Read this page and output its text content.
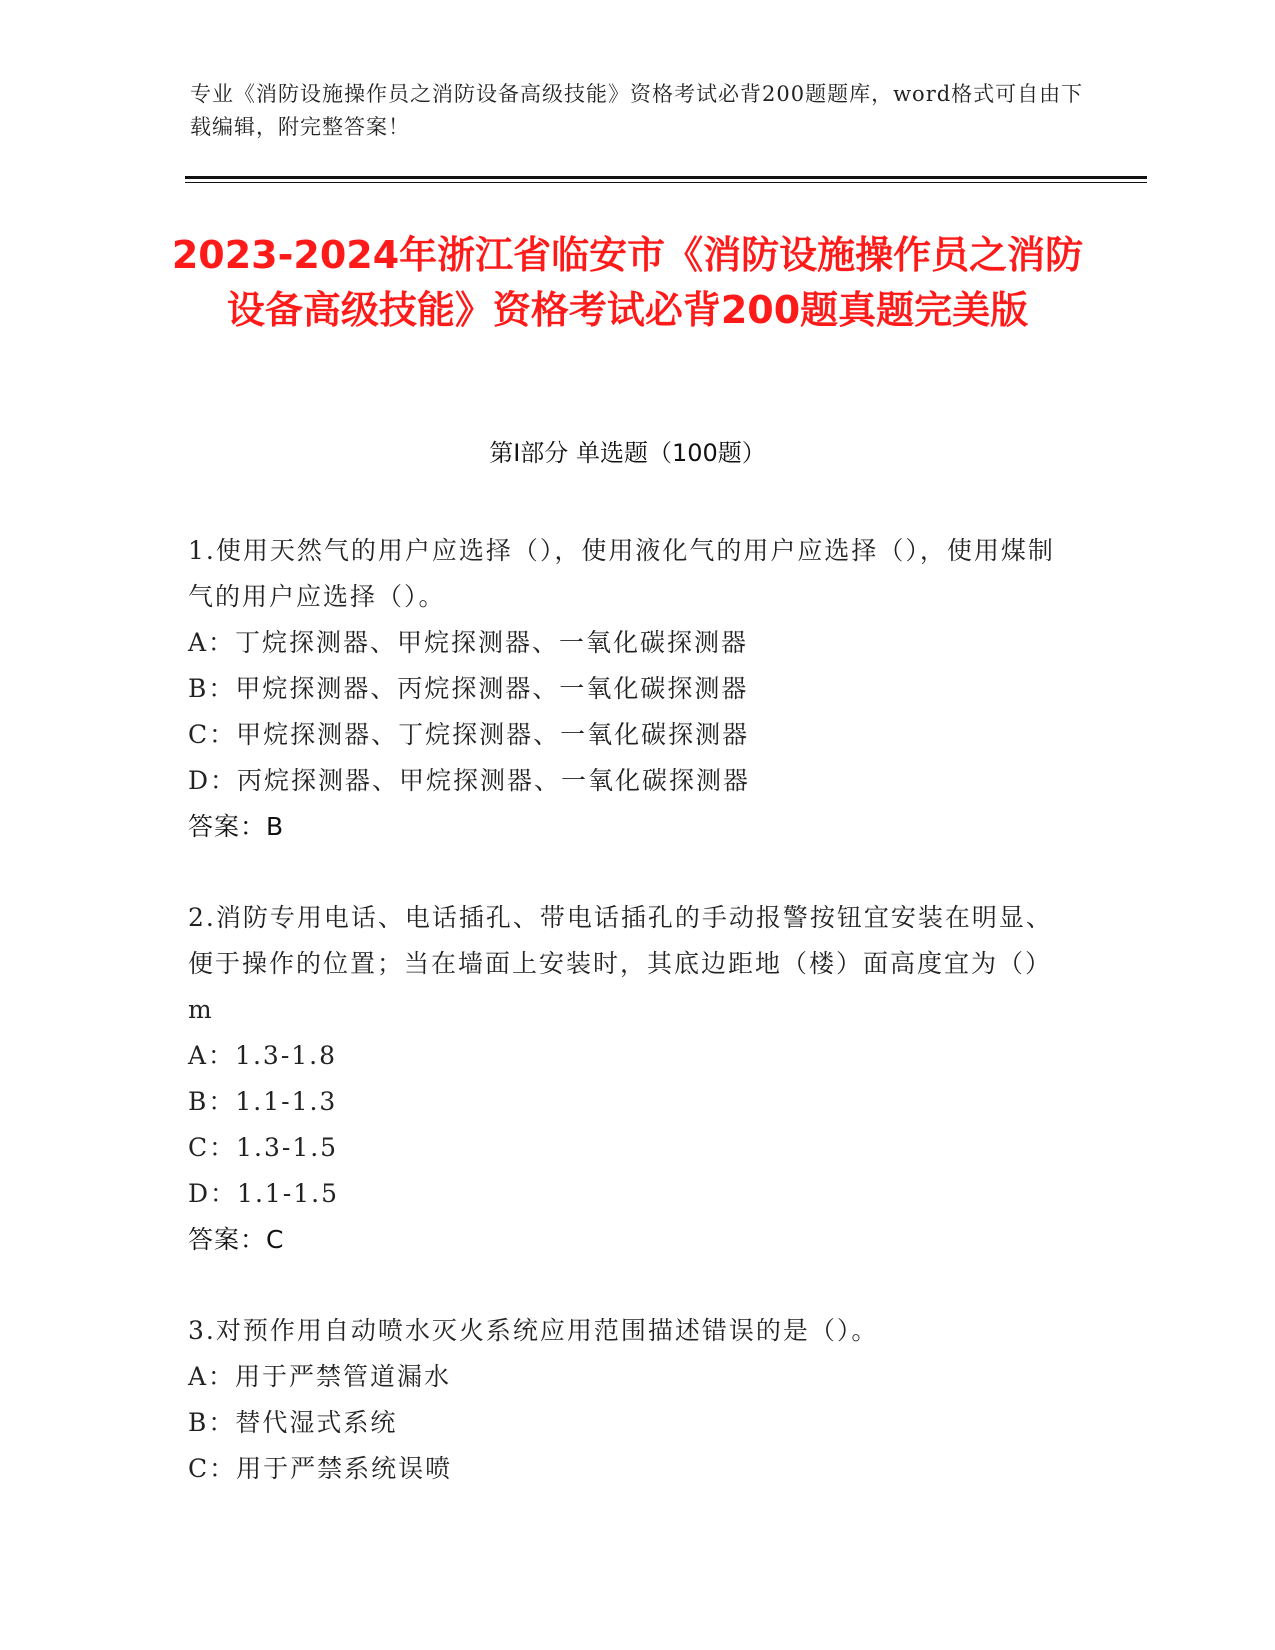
专业《消防设施操作员之消防设备高级技能》资格考试必背200题题库，word格式可自由下载编辑，附完整答案！
2023-2024年浙江省临安市《消防设施操作员之消防设备高级技能》资格考试必背200题真题完美版
第Ⅰ部分 单选题（100题）
1.使用天然气的用户应选择（），使用液化气的用户应选择（），使用煤制气的用户应选择（）。
A：丁烷探测器、甲烷探测器、一氧化碳探测器
B：甲烷探测器、丙烷探测器、一氧化碳探测器
C：甲烷探测器、丁烷探测器、一氧化碳探测器
D：丙烷探测器、甲烷探测器、一氧化碳探测器
答案：B
2.消防专用电话、电话插孔、带电话插孔的手动报警按钮宜安装在明显、便于操作的位置；当在墙面上安装时，其底边距地（楼）面高度宜为（）m
A：1.3-1.8
B：1.1-1.3
C：1.3-1.5
D：1.1-1.5
答案：C
3.对预作用自动喷水灭火系统应用范围描述错误的是（）。
A：用于严禁管道漏水
B：替代湿式系统
C：用于严禁系统误喷
